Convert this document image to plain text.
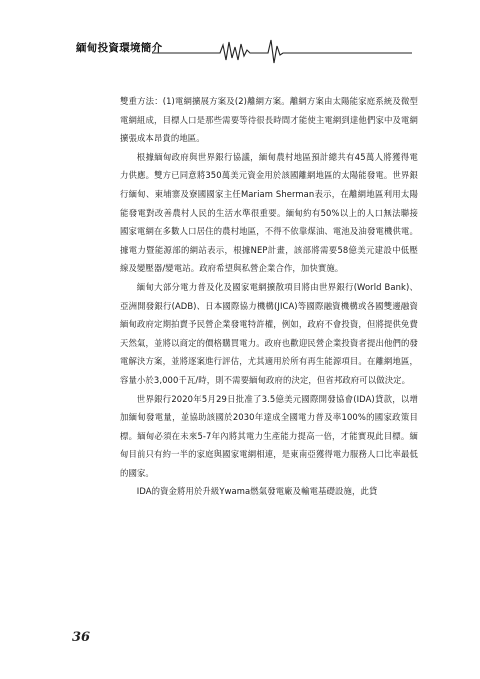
緬甸投資環境簡介

雙重方法：(1)電網擴展方案及(2)離網方案。離網方案由太陽能家庭系統及微型電網組成，目標人口是那些需要等待很長時間才能使主電網到達他們家中及電網擴張成本昂貴的地區。

根據緬甸政府與世界銀行協議，緬甸農村地區預計總共有45萬人將獲得電力供應。雙方已同意將350萬美元資金用於該國離網地區的太陽能發電。世界銀行緬甸、柬埔寨及寮國國家主任Mariam Sherman表示，在離網地區利用太陽能發電對改善農村人民的生活水準很重要。緬甸約有50%以上的人口無法聯接國家電網在多數人口居住的農村地區，不得不依靠煤油、電池及油發電機供電。據電力暨能源部的網站表示，根據NEP計畫，該部將需要58億美元建設中低壓線及變壓器/變電站。政府希望與私營企業合作，加快實施。

緬甸大部分電力普及化及國家電網擴散項目將由世界銀行(World Bank)、亞洲開發銀行(ADB)、日本國際協力機構(JICA)等國際融資機構或各國雙邊融資緬甸政府定期拍賣予民營企業發電特許權，例如，政府不會投資，但將提供免費天然氣，並將以商定的價格購買電力。政府也歡迎民營企業投資者提出他們的發電解決方案，並將逐案進行評估，尤其適用於所有再生能源項目。在離網地區，容量小於3,000千瓦/時，則不需要緬甸政府的決定，但省邦政府可以做決定。

世界銀行2020年5月29日批准了3.5億美元國際開發協會(IDA)貸款，以增加緬甸發電量，並協助該國於2030年達成全國電力普及率100%的國家政策目標。緬甸必須在未來5-7年內將其電力生產能力提高一倍，才能實現此目標。緬甸目前只有約一半的家庭與國家電網相連，是東南亞獲得電力服務人口比率最低的國家。

IDA的資金將用於升級Ywama燃氣發電廠及輸電基礎設施，此貸

36
